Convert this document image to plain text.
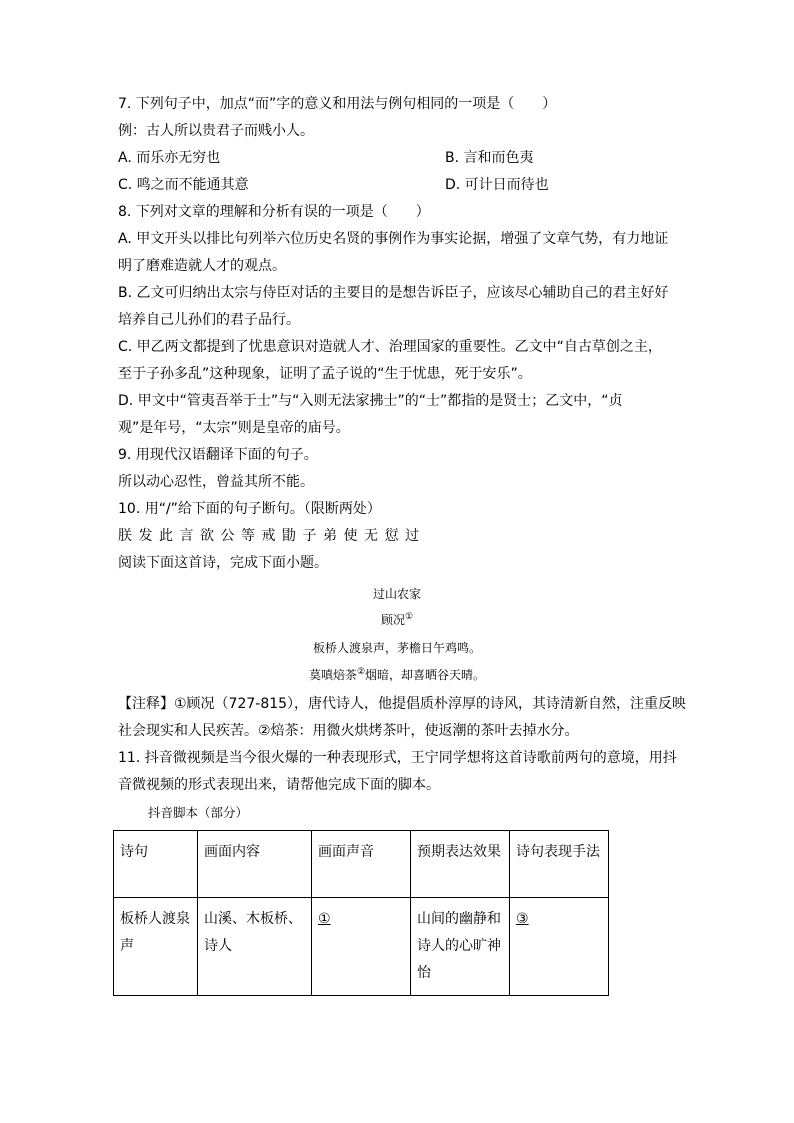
7. 下列句子中，加点“而”字的意义和用法与例句相同的一项是（　　）
例：古人所以贵君子而贱小人。
A. 而乐亦无穷也	B. 言和而色夷
C. 鸣之而不能通其意	D. 可计日而待也
8. 下列对文章的理解和分析有误的一项是（　　）
A. 甲文开头以排比句列举六位历史名贤的事例作为事实论据，增强了文章气势，有力地证
明了磨难造就人才的观点。
B. 乙文可归纳出太宗与侍臣对话的主要目的是想告诉臣子，应该尽心辅助自己的君主好好
培养自己儿孙们的君子品行。
C. 甲乙两文都提到了忧患意识对造就人才、治理国家的重要性。乙文中“自古草创之主，
至于子孙多乱”这种现象，证明了孟子说的“生于忧患，死于安乐”。
D. 甲文中“管夷吾举于士”与“入则无法家拂士”的“士”都指的是贤士；乙文中，“贞
观”是年号，“太宗”则是皇帝的庙号。
9. 用现代汉语翻译下面的句子。
所以动心忍性，曾益其所不能。
10. 用“/”给下面的句子断句。（限断两处）
朕发此言欲公等戒勖子弟使无愆过
阅读下面这首诗，完成下面小题。
过山农家
顾况①
板桥人渡泉声，茅檐日午鸡鸣。
莫嗔焙茶②烟暗，却喜晒谷天晴。
【注释】①顾况（727-815），唐代诗人，他提倡质朴淳厚的诗风，其诗清新自然，注重反映
社会现实和人民疾苦。②焙茶：用微火烘烤茶叶，使返潮的茶叶去掉水分。
11. 抖音微视频是当今很火爆的一种表现形式，王宁同学想将这首诗歌前两句的意境，用抖
音微视频的形式表现出来，请帮他完成下面的脚本。
抖音脚本（部分）
诗句	画面内容	画面声音	预期表达效果	诗句表现手法
板桥人渡泉声	山溪、木板桥、诗人	①	山间的幽静和诗人的心旷神怡	③
